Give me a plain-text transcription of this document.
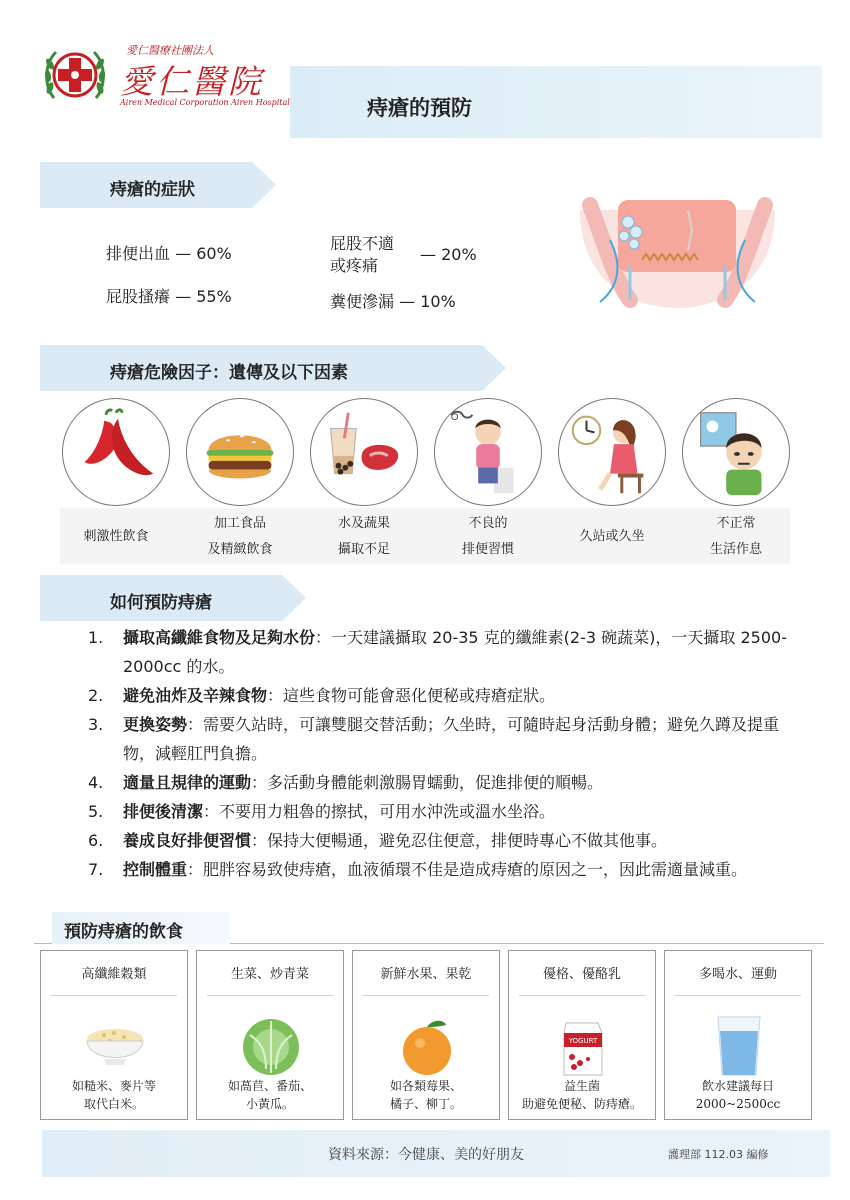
愛仁醫療社團法人
愛仁醫院
Airen Medical Corporation Airen Hospital	痔瘡的預防
痔瘡的症狀
排便出血 — 60%
屁股搔癢 — 55%
屁股不適
或疼痛
— 20%
糞便滲漏 — 10%
痔瘡危險因子：遺傳及以下因素
刺激性飲食
加工食品
及精緻飲食
水及蔬果
攝取不足
不良的
排便習慣
久站或久坐
不正常
生活作息
如何預防痔瘡
1.	攝取高纖維食物及足夠水份：一天建議攝取 20-35 克的纖維素(2-3 碗蔬菜)，一天攝取 2500-2000cc 的水。
2.	避免油炸及辛辣食物：這些食物可能會惡化便秘或痔瘡症狀。
3.	更換姿勢：需要久站時，可讓雙腿交替活動；久坐時，可隨時起身活動身體；避免久蹲及提重物，減輕肛門負擔。
4.	適量且規律的運動：多活動身體能刺激腸胃蠕動，促進排便的順暢。
5.	排便後清潔：不要用力粗魯的擦拭，可用水沖洗或溫水坐浴。
6.	養成良好排便習慣：保持大便暢通，避免忍住便意，排便時專心不做其他事。
7.	控制體重：肥胖容易致使痔瘡，血液循環不佳是造成痔瘡的原因之一，因此需適量減重。
預防痔瘡的飲食
高纖維穀類
如糙米、麥片等
取代白米。
生菜、炒青菜
如萵苣、番茄、
小黃瓜。
新鮮水果、果乾
如各類莓果、
橘子、柳丁。
優格、優酪乳
YOGURT
益生菌
助避免便秘、防痔瘡。
多喝水、運動
飲水建議每日
2000~2500cc
資料來源：今健康、美的好朋友	護理部 112.03 編修
